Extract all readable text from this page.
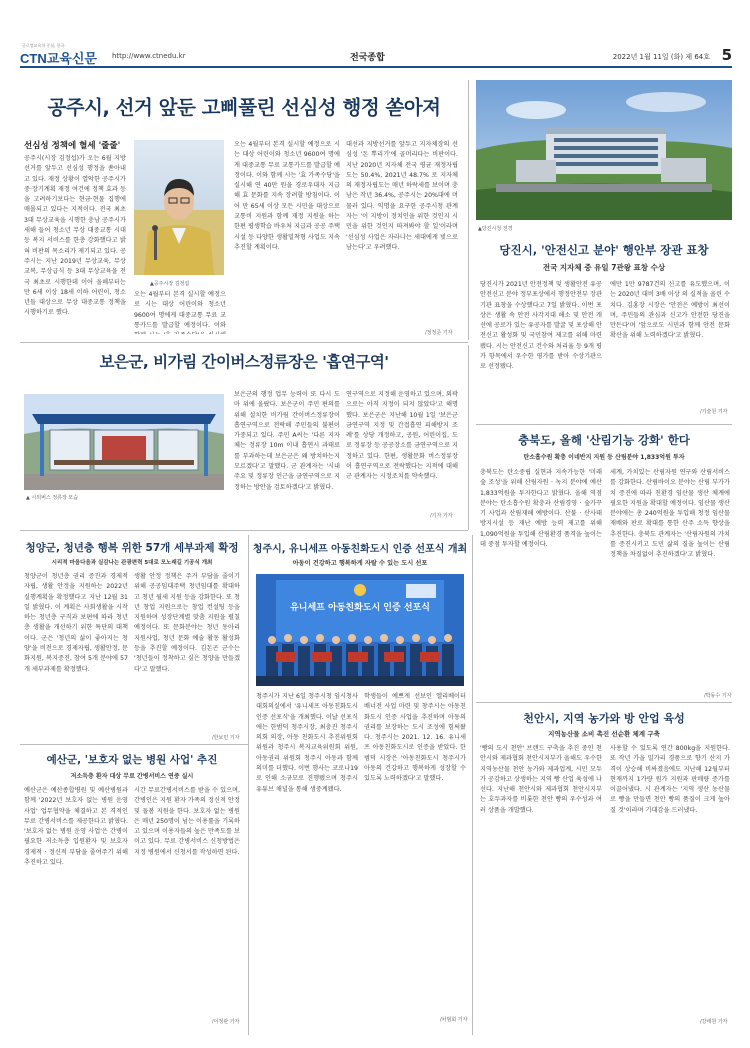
글로벌교육의 중심, 한국
CTN교육신문 http://www.ctnedu.kr	전국종합	2022년 1월 11일 (화) 제 64호 5
공주시, 선거 앞둔 고삐풀린 선심성 행정 쏟아져
선심성 정책에 혈세 '줄줄'
공주시(시장 김정섭)가 오는 6월 지방선거를 앞두고 선심성 행정을 쏟아내고 있다. 재정 상황이 열악한 공주시가 중·장기계획 재정 여건에 정책 효과 등을 고려하기보다는 현금·현물 집행에 매몰되고 있다는 지적이다. 전국 최초 3대 무상교육을 시행한 충남 공주시가 새해 들어 청소년 무상 대중교통 시대 등 복지 서비스를 한층 강화했다고 밝혀 비판의 목소리가 제기되고 있다. 공주시는 지난 2019년 무상교육, 무상교복, 무상급식 등 3대 무상교육을 전국 최초로 시행한데 이어 올해부터는 만 6세 이상 18세 이하 어린이, 청소년들 대상으로 무상 대중교통 정책을 시행하기로 했다.
▲공주시장 김정섭
오는 4월부터 본격 실시할 예정으로 시는 대상 어린이와 청소년 9600여 명에게 대중교통 무료 교통카드를 발급할 예정이다. 이와
오는 4월부터 본격 실시할 예정으로 시는 대상 어린이와 청소년 9600여 명에게 대중교통 무료 교통카드를 발급할 예정이다. 이와 함께 시는 '효 가족수당'을 실시해 연 40만 원을 경로우대자 지급해 효 문화를 지속 장려할 방침이다. 이어 만 65세 이상 모든 시민을 대상으로 교통비 지원과 함께 재정 지원을 하는 한편 평생학습 바우처 지급과 공공 주택 시설 등 다양한 생활밀착형 사업도 지속 추진할 계획이다.
대선과 지방선거를 앞두고 지자체장의 선심성 '돈 뿌리기'에 골머리다는 비판이다. 지난 2020년 지자체 전국 평균 재정자립도는 50.4%, 2021년 48.7% 로 지자체의 재정자립도는 매년 하락세를 보이며 충남은 작년 36.4%, 공주시는 20%대에 머물러 있다. 익명을 요구한 공주시청 관계자는 '이 지방이 정치인을 위한 것인지 시민을 위한 것인지 따져봐야 할 일'이라며 '선심성 사업은 자라나는 세대에게 빚으로 남는다'고 우려했다.
/정정준 기자
▲당진시청 전경
당진시, '안전신고 분야' 행안부 장관 표창
전국 지자체 중 유일 7관왕 표창 수상
당진시가 2021년 안전정책 및 생활안전 유공 안전신고 분야 정부포상에서 행정안전부 장관 기관 표창을 수상했다고 7일 밝혔다. 이번 포상은 생활 속 안전 사각지대 해소 및 안전 개선에 공로가 있는 유공자를 발굴 및 포상해 안전신고 활성화 및 국민참여 제고를 위해 마련됐다. 시는 안전신고 건수와 처리율 등 9개 평가 항목에서 우수한 평가를 받아 수상기관으로 선정됐다.
에만 1만 9787건의 신고를 유도했으며, 이는 2020년 대비 3배 이상 의 실적을 올린 수치다. 김홍장 시장은 '안전은 예방이 최선이며, 주민들의 관심과 신고가 안전한 당진을 만든다'며 '앞으로도 시민과 함께 안전 문화 확산을 위해 노력하겠다'고 밝혔다.
/기술원 기자
보은군, 비가림 간이버스정류장은 '흡연구역'
▲ 시외버스 정류장 모습
보은군의 행정 업무 능력이 또 다시 도마 위에 올랐다. 보은군이 주민 편의를 위해 설치한 비가림 간이버스정류장이 흡연구역으로 전락해 주민들의 불편이 가중되고 있다. 주민 A씨는 '다른 지자체는 정류장 10m 이내 흡연시 과태료를 부과하는데 보은군은 왜 방치하는지 모르겠다'고 말했다. 군 관계자는 '시내 주요 및 정류장 인근을 금연구역으로 지정하는 방안을 검토하겠다'고 밝혔다.
연구역으로 지정해 운영하고 있으며, 외곽으로는 아직 지정이 되지 않았다'고 해명했다. 보은군은 지난해 10월 1일 '보은군 금연구역 지정 및 간접흡연 피해방지 조례'를 상당 개정하고, 공원, 어린이집, 도로 정류장 등 공공장소를 금연구역으로 지정하고 있다. 한편, 생활문화 버스정류장이 흡연구역으로 전락했다는 지적에 대해 군 관계자는 시정조치를 약속했다.
/기자 기자
충북도, 올해 '산림기능 강화' 한다
탄소흡수원 확충 이네반지 지원 등 산림분야 1,833억원 투자
충북도는 탄소중립 실현과 지속가능한 '미래 숲 조성'을 위해 산림자원 · 녹지 분야에 예산 1,833억원을 투자한다고 밝혔다. 올해 역점 분야는 탄소흡수원 확충과 산림경영 · 숲가꾸기 사업과 산림재해 예방이다. 산불 · 산사태 방지시설 등 재난 예방 능력 제고를 위해 1,090억원을 투입해 산림환경 품격을 높이는 데 중점 투자할 예정이다.
세계, 가치있는 산림자원 연구와 산림서비스를 강화한다. 산림바이오 분야는 산림 부가가치 증진에 따라 친환경 임산물 생산 체계에 필요한 지원을 확대할 예정이다. 임산물 생산 분야에는 총 240억원을 투입해 청정 임산물 재배와 판로 확대를 통한 산주 소득 향상을 추진한다. 충북도 관계자는 '산림자원의 가치를 증진시키고 도민 삶의 질을 높이는 산림 정책을 차질없이 추진하겠다'고 밝혔다.
/박동수 기자
청양군, 청년층 행복 위한 57개 세부과제 확정
시리적 마음다음과 실감나는 관광편력 5대로 모노래길 기공식 개최
청양군이 청년층 권리 증진과 경제적 자립, 생활 안정을 지원하는 2022년 실행계획을 확정했다고 지난 12월 31일 밝혔다. 이 계획은 사회생활을 시작하는 청년층 구직과 보편에 따라 청년층 생활을 개선하기 위한 특단의 대책이다. 군은 '청년의 삶이 좋아지는 청양'을 비전으로 경제자립, 생활안정, 문화지원, 복지증진, 참여 5개 분야에 57개 세부과제를 확정했다.
생활 안정 정책은 주거 부담을 줄이기 위해 공공임대주택 청년임대를 확대하고 청년 월세 지원 등을 강화한다. 또 청년 창업 지원으로는 창업 컨설팅 등을 지원하며 성장단계별 맞춤 지원을 펼칠 예정이다. 또 문화분야는 청년 동아리 지원사업, 청년 문화 예술 활동 활성화 등을 추진할 예정이다. 김돈곤 군수는 '청년들이 정착하고 싶은 청양을 만들겠다'고 말했다.
/한보민 기자
청주시, 유니세프 아동친화도시 인증 선포식 개최
아동이 건강하고 행복하게 자랄 수 있는 도시 선포
유니세프 아동친화도시 인증 선포식
청주시가 지난 6일 청주시청 임시청사 대회의실에서 '유니세프 아동친화도시 인증 선포식'을 개최했다. 이날 선포식에는 한범덕 청주시장, 최충진 청주시의회 의장, 아동 친화도시 추진위원회 위원과 청주시 복지교육위원회 위원, 아동권리 위원회 청주시 아동과 함께 의미를 더했다. 이번 행사는 코로나19로 인해 소규모로 진행됐으며 청주시 유튜브 채널을 통해 생중계됐다.
학생들이 예쁘게 선보인 엘리베이터 배너전 사업 마련 및 창주시는 아동친화도시 인증 사업을 추진하며 아동의 권리를 보장하는 도시 조성에 힘써왔다. 청주시는 2021. 12. 16. 유니세프 아동친화도시로 인증을 받았다. 한범덕 시장은 '아동친화도시 청주시가 아동의 건강하고 행복하게 성장할 수 있도록 노력하겠다'고 말했다.
/차범회 기자
예산군, '보호자 없는 병원 사업' 추진
저소득층 환자 대상 무료 간병서비스 연중 실시
예산군은 예산종합병원 및 예산병원과 함께 '2022년 보호자 없는 병원 운영 사업' 업무협약을 체결하고 본 격적인 무료 간병서비스를 제공한다고 밝혔다. '보호자 없는 병원 운영 사업'은 간병이 필요한 저소득층 입원환자 및 보호자 경제적 · 정신적 부담을 줄여주기 위해 추진하고 있다.
시간 무료간병서비스를 받을 수 있으며, 간병인은 지원 환자 가족의 정신적 안정 및 돌봄 지원을 한다. 보호자 없는 병원은 매년 250명이 넘는 이용률을 기록하고 있으며 이용자들의 높은 만족도를 보이고 있다. 무료 간병서비스 신청방법은 지정 병원에서 신청서를 작성하면 된다.
/이정관 기자
천안시, 지역 농가와 방 안업 육성
지역농산물 소비 촉진 선순환 체계 구축
'빵의 도시 천안' 브랜드 구축을 추진 중인 천안시와 제과협회 천안시지부가 올해도 우수한 지역농산물 천안 농가와 제과업계, 시민 모두가 공감하고 상생하는 지역 빵 산업 육성에 나선다. 지난해 천안시와 제과협회 천안시지부는 호두과자를 비롯한 천안 빵의 우수성과 여러 상품을 개발했다.
사용할 수 있도록 연간 800kg을 지원한다. 또 작년 가을 밀가리 경품으로 향기 산지 가격이 상승해 비싸졌음에도 지난해 12월부터 현재까지 1가량 원가 지원과 판매량 증가를 이끌어냈다. 시 관계자는 '지역 생산 농산물로 빵을 만들면 천안 빵의 품질이 크게 높아질 것'이라며 기대감을 드러냈다.
/강태원 기자
